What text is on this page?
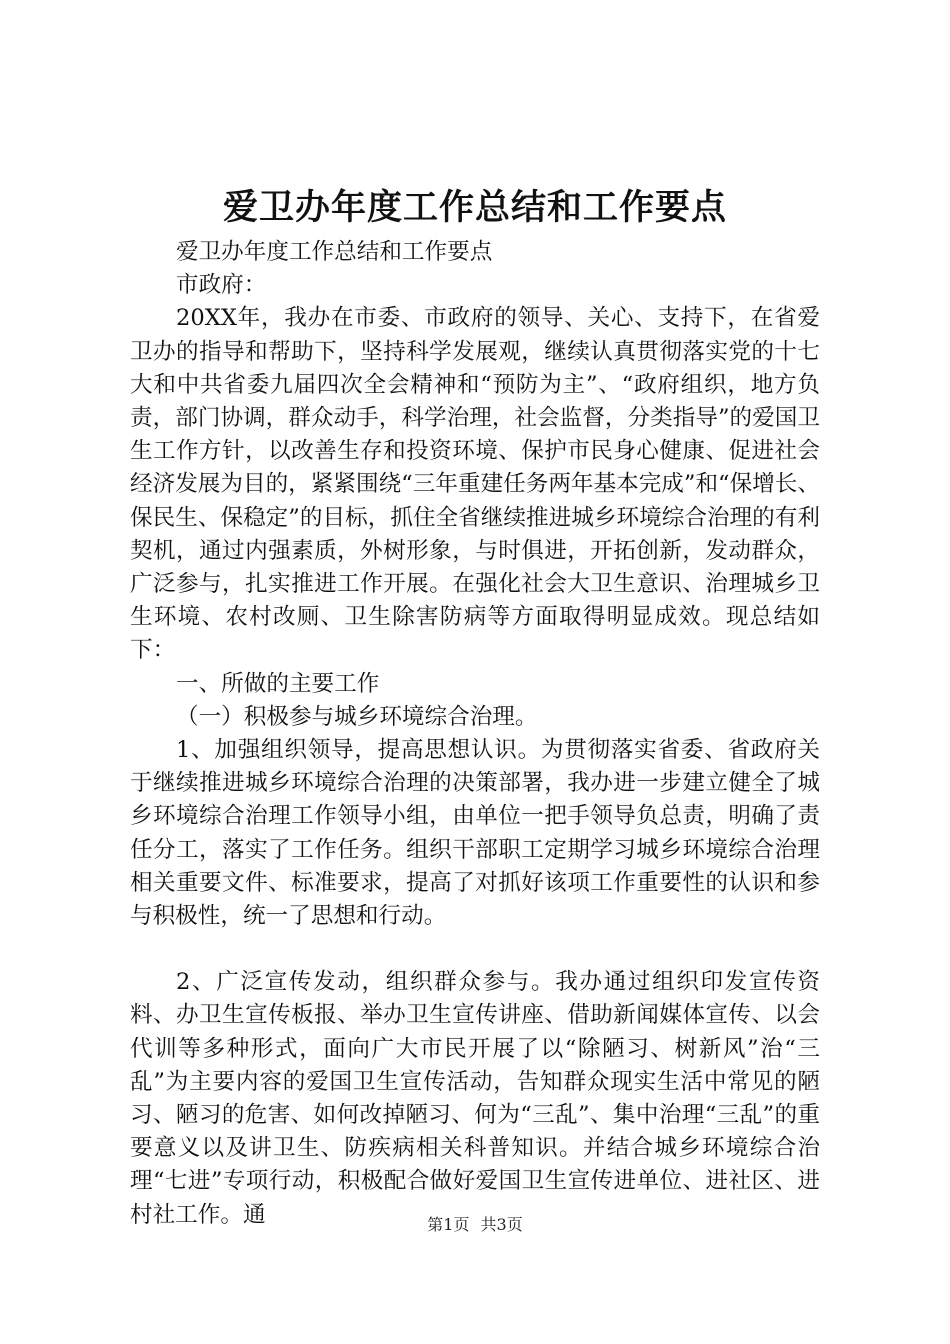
爱卫办年度工作总结和工作要点

爱卫办年度工作总结和工作要点

市政府：

20XX年，我办在市委、市政府的领导、关心、支持下，在省爱卫办的指导和帮助下，坚持科学发展观，继续认真贯彻落实党的十七大和中共省委九届四次全会精神和“预防为主”、“政府组织，地方负责，部门协调，群众动手，科学治理，社会监督，分类指导”的爱国卫生工作方针，以改善生存和投资环境、保护市民身心健康、促进社会经济发展为目的，紧紧围绕“三年重建任务两年基本完成”和“保增长、保民生、保稳定”的目标，抓住全省继续推进城乡环境综合治理的有利契机，通过内强素质，外树形象，与时俱进，开拓创新，发动群众，广泛参与，扎实推进工作开展。在强化社会大卫生意识、治理城乡卫生环境、农村改厕、卫生除害防病等方面取得明显成效。现总结如下：

一、所做的主要工作

（一）积极参与城乡环境综合治理。

1、加强组织领导，提高思想认识。为贯彻落实省委、省政府关于继续推进城乡环境综合治理的决策部署，我办进一步建立健全了城乡环境综合治理工作领导小组，由单位一把手领导负总责，明确了责任分工，落实了工作任务。组织干部职工定期学习城乡环境综合治理相关重要文件、标准要求，提高了对抓好该项工作重要性的认识和参与积极性，统一了思想和行动。

2、广泛宣传发动，组织群众参与。我办通过组织印发宣传资料、办卫生宣传板报、举办卫生宣传讲座、借助新闻媒体宣传、以会代训等多种形式，面向广大市民开展了以“除陋习、树新风”治“三乱”为主要内容的爱国卫生宣传活动，告知群众现实生活中常见的陋习、陋习的危害、如何改掉陋习、何为“三乱”、集中治理“三乱”的重要意义以及讲卫生、防疾病相关科普知识。并结合城乡环境综合治理“七进”专项行动，积极配合做好爱国卫生宣传进单位、进社区、进村社工作。通	第1页 共3页
